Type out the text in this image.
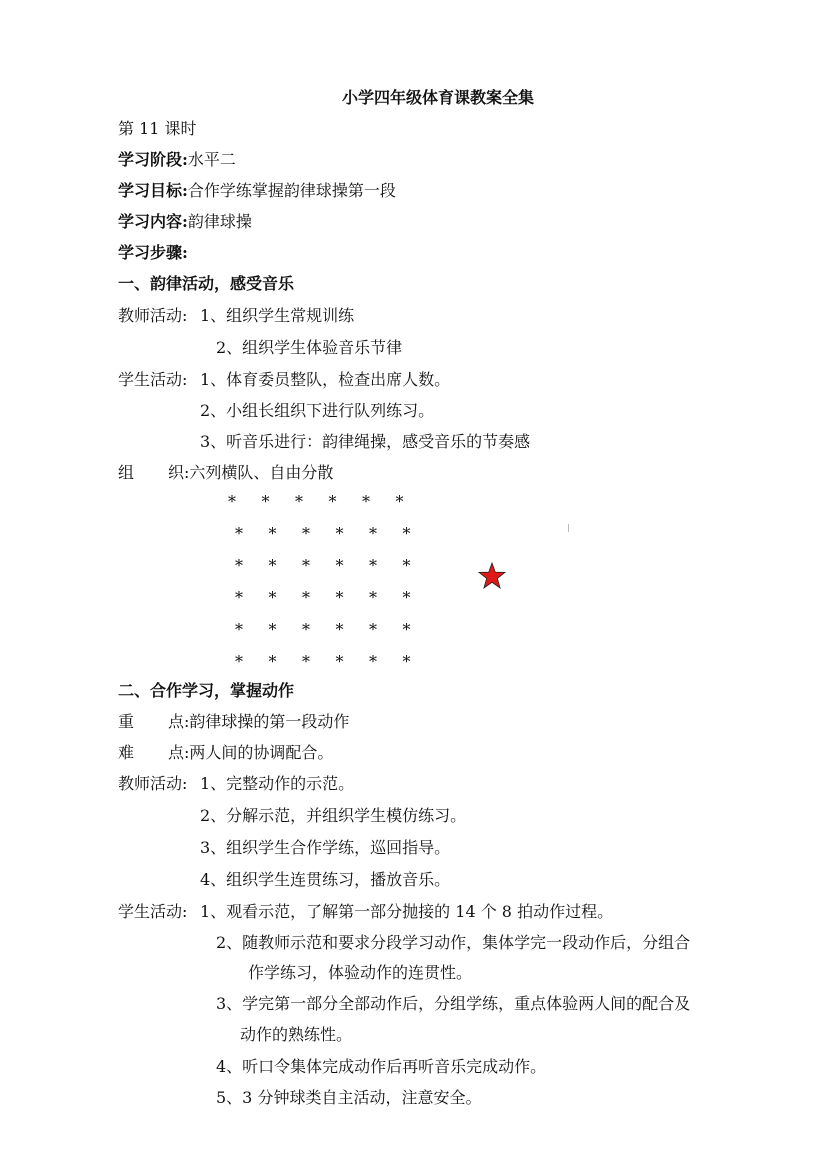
小学四年级体育课教案全集
第 11 课时
学习阶段:水平二
学习目标:合作学练掌握韵律球操第一段
学习内容:韵律球操
学习步骤:
一、韵律活动，感受音乐
教师活动: 1、组织学生常规训练
2、组织学生体验音乐节律
学生活动: 1、体育委员整队，检查出席人数。
2、小组长组织下进行队列练习。
3、听音乐进行：韵律绳操，感受音乐的节奏感
组 织:六列横队、自由分散
* * * * * *
* * * * * *
* * * * * *
* * * * * *
* * * * * *
* * * * * *
二、合作学习，掌握动作
重 点:韵律球操的第一段动作
难 点:两人间的协调配合。
教师活动: 1、完整动作的示范。
2、分解示范，并组织学生模仿练习。
3、组织学生合作学练，巡回指导。
4、组织学生连贯练习，播放音乐。
学生活动: 1、观看示范，了解第一部分抛接的 14 个 8 拍动作过程。
2、随教师示范和要求分段学习动作，集体学完一段动作后，分组合
作学练习，体验动作的连贯性。
3、学完第一部分全部动作后，分组学练，重点体验两人间的配合及
动作的熟练性。
4、听口令集体完成动作后再听音乐完成动作。
5、3 分钟球类自主活动，注意安全。
